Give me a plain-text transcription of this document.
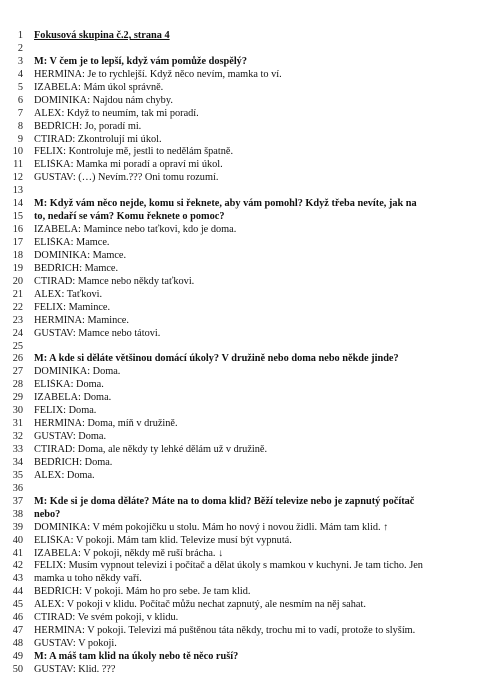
1 Fokusová skupina č.2, strana 4
2
3 M: V čem je to lepší, když vám pomůže dospělý?
4 HERMÍNA: Je to rychlejší. Když něco nevím, mamka to ví.
5 IZABELA: Mám úkol správně.
6 DOMINIKA: Najdou nám chyby.
7 ALEX: Když to neumím, tak mi poradí.
8 BEDŘICH: Jo, poradí mi.
9 CTIRAD: Zkontrolují mi úkol.
10 FELIX: Kontroluje mě, jestli to nedělám špatně.
11 ELIŠKA: Mamka mi poradí a opraví mi úkol.
12 GUSTAV: (…) Nevím.??? Oni tomu rozumí.
13
14 M: Když vám něco nejde, komu si řeknete, aby vám pomohl? Když třeba nevíte, jak na
15 to, nedaří se vám? Komu řeknete o pomoc?
16 IZABELA: Mamince nebo taťkovi, kdo je doma.
17 ELIŠKA: Mamce.
18 DOMINIKA: Mamce.
19 BEDŘICH: Mamce.
20 CTIRAD: Mamce nebo někdy taťkovi.
21 ALEX: Taťkovi.
22 FELIX: Mamince.
23 HERMÍNA: Mamince.
24 GUSTAV: Mamce nebo tátovi.
25
26 M: A kde si děláte většinou domácí úkoly? V družině nebo doma nebo někde jinde?
27 DOMINIKA: Doma.
28 ELIŠKA: Doma.
29 IZABELA: Doma.
30 FELIX: Doma.
31 HERMÍNA: Doma, míň v družině.
32 GUSTAV: Doma.
33 CTIRAD: Doma, ale někdy ty lehké dělám už v družině.
34 BEDŘICH: Doma.
35 ALEX: Doma.
36
37 M: Kde si je doma děláte? Máte na to doma klid? Běží televize nebo je zapnutý počítač
38 nebo?
39 DOMINIKA: V mém pokojíčku u stolu. Mám ho nový i novou židli. Mám tam klid. ↑
40 ELIŠKA: V pokoji. Mám tam klid. Televize musí být vypnutá.
41 IZABELA: V pokoji, někdy mě ruší brácha. ↓
42 FELIX: Musím vypnout televizi i počítač a dělat úkoly s mamkou v kuchyni. Je tam ticho. Jen
43 mamka u toho někdy vaří.
44 BEDŘICH: V pokoji. Mám ho pro sebe. Je tam klid.
45 ALEX: V pokoji v klidu. Počítač můžu nechat zapnutý, ale nesmím na něj sahat.
46 CTIRAD: Ve svém pokoji, v klidu.
47 HERMÍNA: V pokoji. Televizi má puštěnou táta někdy, trochu mi to vadí, protože to slyším.
48 GUSTAV: V pokoji.
49 M: A máš tam klid na úkoly nebo tě něco ruší?
50 GUSTAV: Klid. ???
